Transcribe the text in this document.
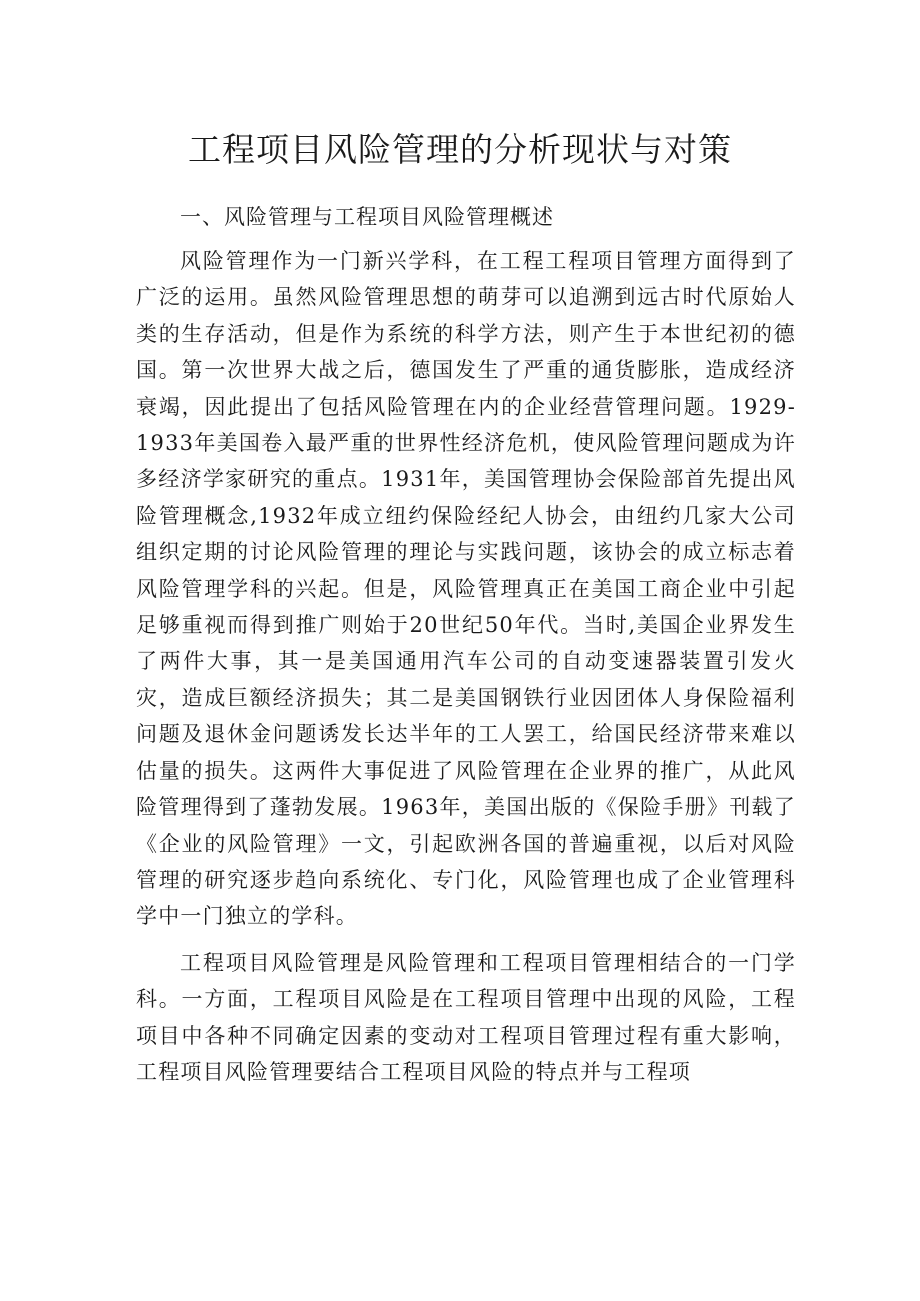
工程项目风险管理的分析现状与对策

一、风险管理与工程项目风险管理概述

风险管理作为一门新兴学科，在工程工程项目管理方面得到了广泛的运用。虽然风险管理思想的萌芽可以追溯到远古时代原始人类的生存活动，但是作为系统的科学方法，则产生于本世纪初的德国。第一次世界大战之后，德国发生了严重的通货膨胀，造成经济衰竭，因此提出了包括风险管理在内的企业经营管理问题。1929-1933年美国卷入最严重的世界性经济危机，使风险管理问题成为许多经济学家研究的重点。1931年，美国管理协会保险部首先提出风险管理概念,1932年成立纽约保险经纪人协会，由纽约几家大公司组织定期的讨论风险管理的理论与实践问题，该协会的成立标志着风险管理学科的兴起。但是，风险管理真正在美国工商企业中引起足够重视而得到推广则始于20世纪50年代。当时,美国企业界发生了两件大事，其一是美国通用汽车公司的自动变速器装置引发火灾，造成巨额经济损失；其二是美国钢铁行业因团体人身保险福利问题及退休金问题诱发长达半年的工人罢工，给国民经济带来难以估量的损失。这两件大事促进了风险管理在企业界的推广，从此风险管理得到了蓬勃发展。1963年，美国出版的《保险手册》刊载了《企业的风险管理》一文，引起欧洲各国的普遍重视，以后对风险管理的研究逐步趋向系统化、专门化，风险管理也成了企业管理科学中一门独立的学科。

工程项目风险管理是风险管理和工程项目管理相结合的一门学科。一方面，工程项目风险是在工程项目管理中出现的风险，工程项目中各种不同确定因素的变动对工程项目管理过程有重大影响，工程项目风险管理要结合工程项目风险的特点并与工程项
